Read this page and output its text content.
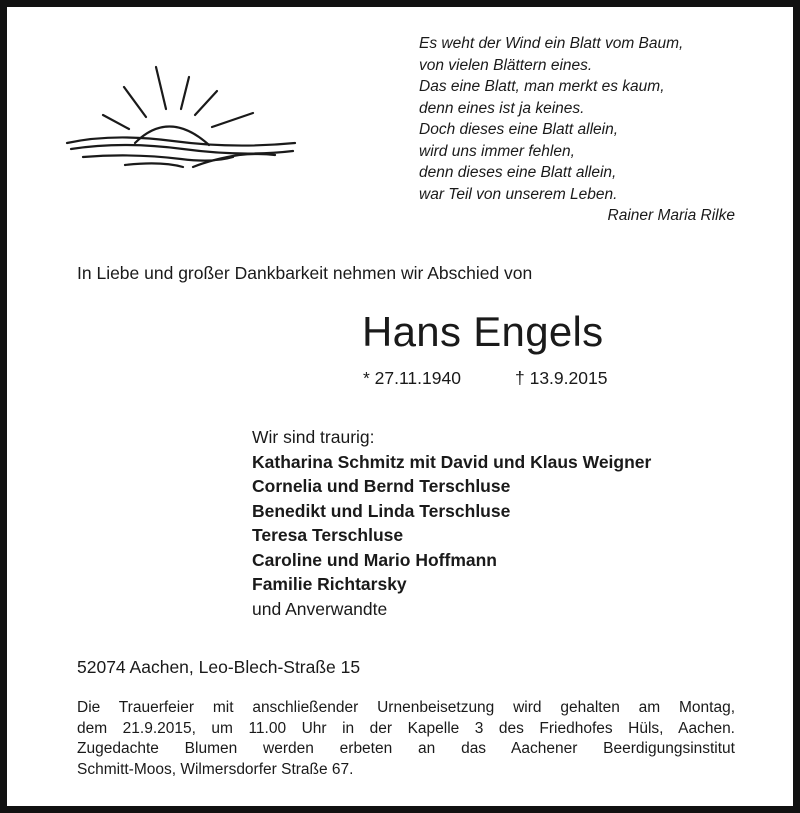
Es weht der Wind ein Blatt vom Baum,
von vielen Blättern eines.
Das eine Blatt, man merkt es kaum,
denn eines ist ja keines.
Doch dieses eine Blatt allein,
wird uns immer fehlen,
denn dieses eine Blatt allein,
war Teil von unserem Leben.
Rainer Maria Rilke
In Liebe und großer Dankbarkeit nehmen wir Abschied von
Hans Engels
* 27.11.1940	† 13.9.2015
Wir sind traurig:
Katharina Schmitz mit David und Klaus Weigner
Cornelia und Bernd Terschluse
Benedikt und Linda Terschluse
Teresa Terschluse
Caroline und Mario Hoffmann
Familie Richtarsky
und Anverwandte
52074 Aachen, Leo-Blech-Straße 15
Die Trauerfeier mit anschließender Urnenbeisetzung wird gehalten am Montag,
dem 21.9.2015, um 11.00 Uhr in der Kapelle 3 des Friedhofes Hüls, Aachen.
Zugedachte Blumen werden erbeten an das Aachener Beerdigungsinstitut
Schmitt-Moos, Wilmersdorfer Straße 67.
